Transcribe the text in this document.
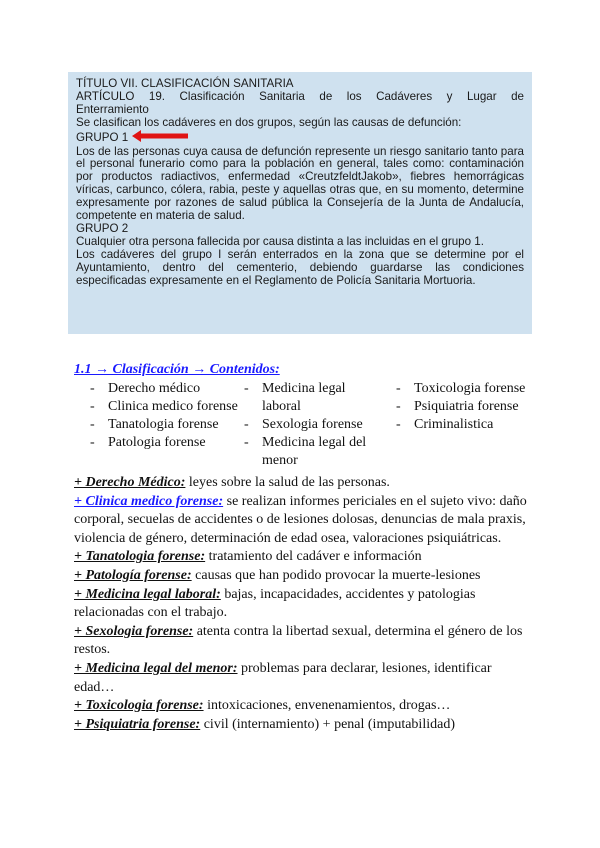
TÍTULO VII. CLASIFICACIÓN SANITARIA

ARTÍCULO 19. Clasificación Sanitaria de los Cadáveres y Lugar de

Enterramiento

Se clasifican los cadáveres en dos grupos, según las causas de defunción:

GRUPO 1

Los de las personas cuya causa de defunción represente un riesgo sanitario tanto para el personal funerario como para la población en general, tales como: contaminación por productos radiactivos, enfermedad «CreutzfeldtJakob», fiebres hemorrágicas víricas, carbunco, cólera, rabia, peste y aquellas otras que, en su momento, determine expresamente por razones de salud pública la Consejería de la Junta de Andalucía, competente en materia de salud.

GRUPO 2

Cualquier otra persona fallecida por causa distinta a las incluidas en el grupo 1.

Los cadáveres del grupo I serán enterrados en la zona que se determine por el Ayuntamiento, dentro del cementerio, debiendo guardarse las condiciones especificadas expresamente en el Reglamento de Policía Sanitaria Mortuoria.

1.1 → Clasificación → Contenidos:
- Derecho médico
- Clinica medico forense
- Tanatologia forense
- Patologia forense
- Medicina legal laboral
- Sexologia forense
- Medicina legal del menor
- Toxicologia forense
- Psiquiatria forense
- Criminalistica

+ Derecho Médico: leyes sobre la salud de las personas.

+ Clinica medico forense: se realizan informes periciales en el sujeto vivo: daño corporal, secuelas de accidentes o de lesiones dolosas, denuncias de mala praxis, violencia de género, determinación de edad osea, valoraciones psiquiátricas.

+ Tanatologia forense: tratamiento del cadáver e información

+ Patología forense: causas que han podido provocar la muerte-lesiones

+ Medicina legal laboral: bajas, incapacidades, accidentes y patologias relacionadas con el trabajo.

+ Sexologia forense: atenta contra la libertad sexual, determina el género de los restos.

+ Medicina legal del menor: problemas para declarar, lesiones, identificar edad…

+ Toxicologia forense: intoxicaciones, envenenamientos, drogas…

+ Psiquiatria forense: civil (internamiento) + penal (imputabilidad)
